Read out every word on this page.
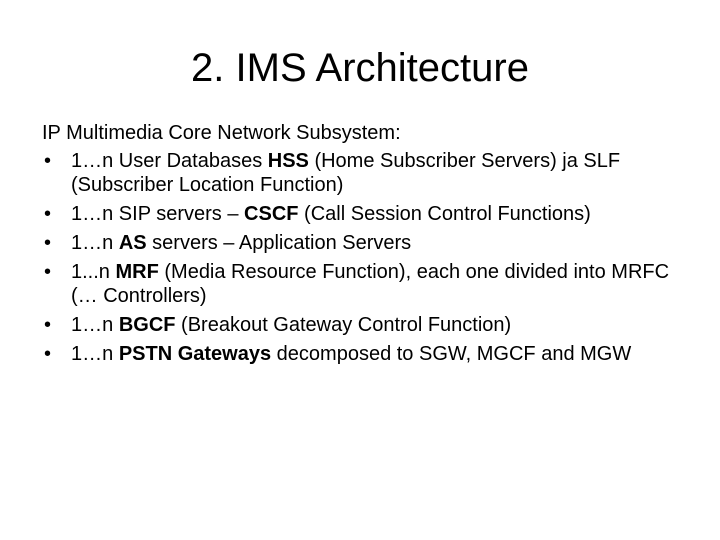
2. IMS Architecture

IP Multimedia Core Network Subsystem:

• 1…n User Databases HSS (Home Subscriber Servers) ja SLF (Subscriber Location Function)
• 1…n SIP servers – CSCF (Call Session Control Functions)
• 1…n AS servers – Application Servers
• 1...n MRF (Media Resource Function), each one divided into MRFC (… Controllers)
• 1…n BGCF (Breakout Gateway Control Function)
• 1…n PSTN Gateways decomposed to SGW, MGCF and MGW
